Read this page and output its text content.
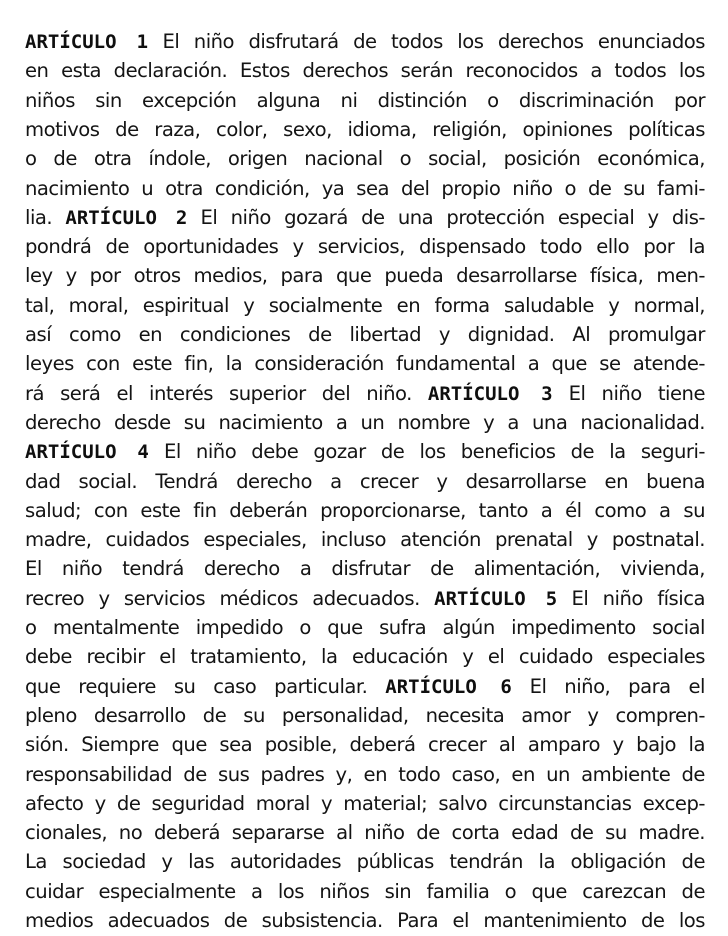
ARTÍCULO 1 El niño disfrutará de todos los derechos enunciados
en esta declaración. Estos derechos serán reconocidos a todos los
niños sin excepción alguna ni distinción o discriminación por
motivos de raza, color, sexo, idioma, religión, opiniones políticas
o de otra índole, origen nacional o social, posición económica,
nacimiento u otra condición, ya sea del propio niño o de su fami-
lia. ARTÍCULO 2 El niño gozará de una protección especial y dis-
pondrá de oportunidades y servicios, dispensado todo ello por la
ley y por otros medios, para que pueda desarrollarse física, men-
tal, moral, espiritual y socialmente en forma saludable y normal,
así como en condiciones de libertad y dignidad. Al promulgar
leyes con este fin, la consideración fundamental a que se atende-
rá será el interés superior del niño. ARTÍCULO 3 El niño tiene
derecho desde su nacimiento a un nombre y a una nacionalidad.
ARTÍCULO 4 El niño debe gozar de los beneficios de la seguri-
dad social. Tendrá derecho a crecer y desarrollarse en buena
salud; con este fin deberán proporcionarse, tanto a él como a su
madre, cuidados especiales, incluso atención prenatal y postnatal.
El niño tendrá derecho a disfrutar de alimentación, vivienda,
recreo y servicios médicos adecuados. ARTÍCULO 5 El niño física
o mentalmente impedido o que sufra algún impedimento social
debe recibir el tratamiento, la educación y el cuidado especiales
que requiere su caso particular. ARTÍCULO 6 El niño, para el
pleno desarrollo de su personalidad, necesita amor y compren-
sión. Siempre que sea posible, deberá crecer al amparo y bajo la
responsabilidad de sus padres y, en todo caso, en un ambiente de
afecto y de seguridad moral y material; salvo circunstancias excep-
cionales, no deberá separarse al niño de corta edad de su madre.
La sociedad y las autoridades públicas tendrán la obligación de
cuidar especialmente a los niños sin familia o que carezcan de
medios adecuados de subsistencia. Para el mantenimiento de los
